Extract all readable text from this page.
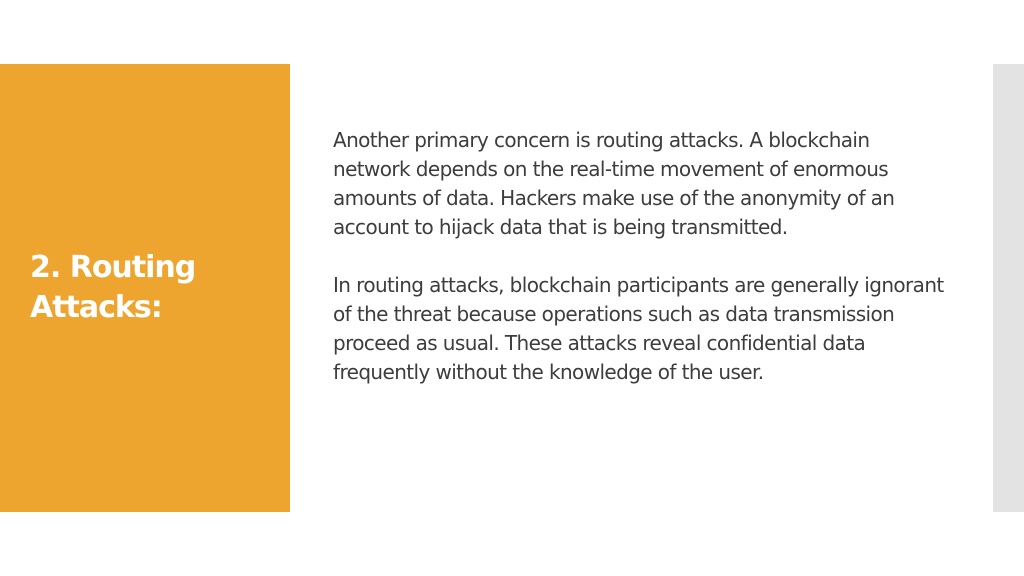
2. Routing Attacks:

Another primary concern is routing attacks. A blockchain network depends on the real-time movement of enormous amounts of data. Hackers make use of the anonymity of an account to hijack data that is being transmitted.

In routing attacks, blockchain participants are generally ignorant of the threat because operations such as data transmission proceed as usual. These attacks reveal confidential data frequently without the knowledge of the user.
